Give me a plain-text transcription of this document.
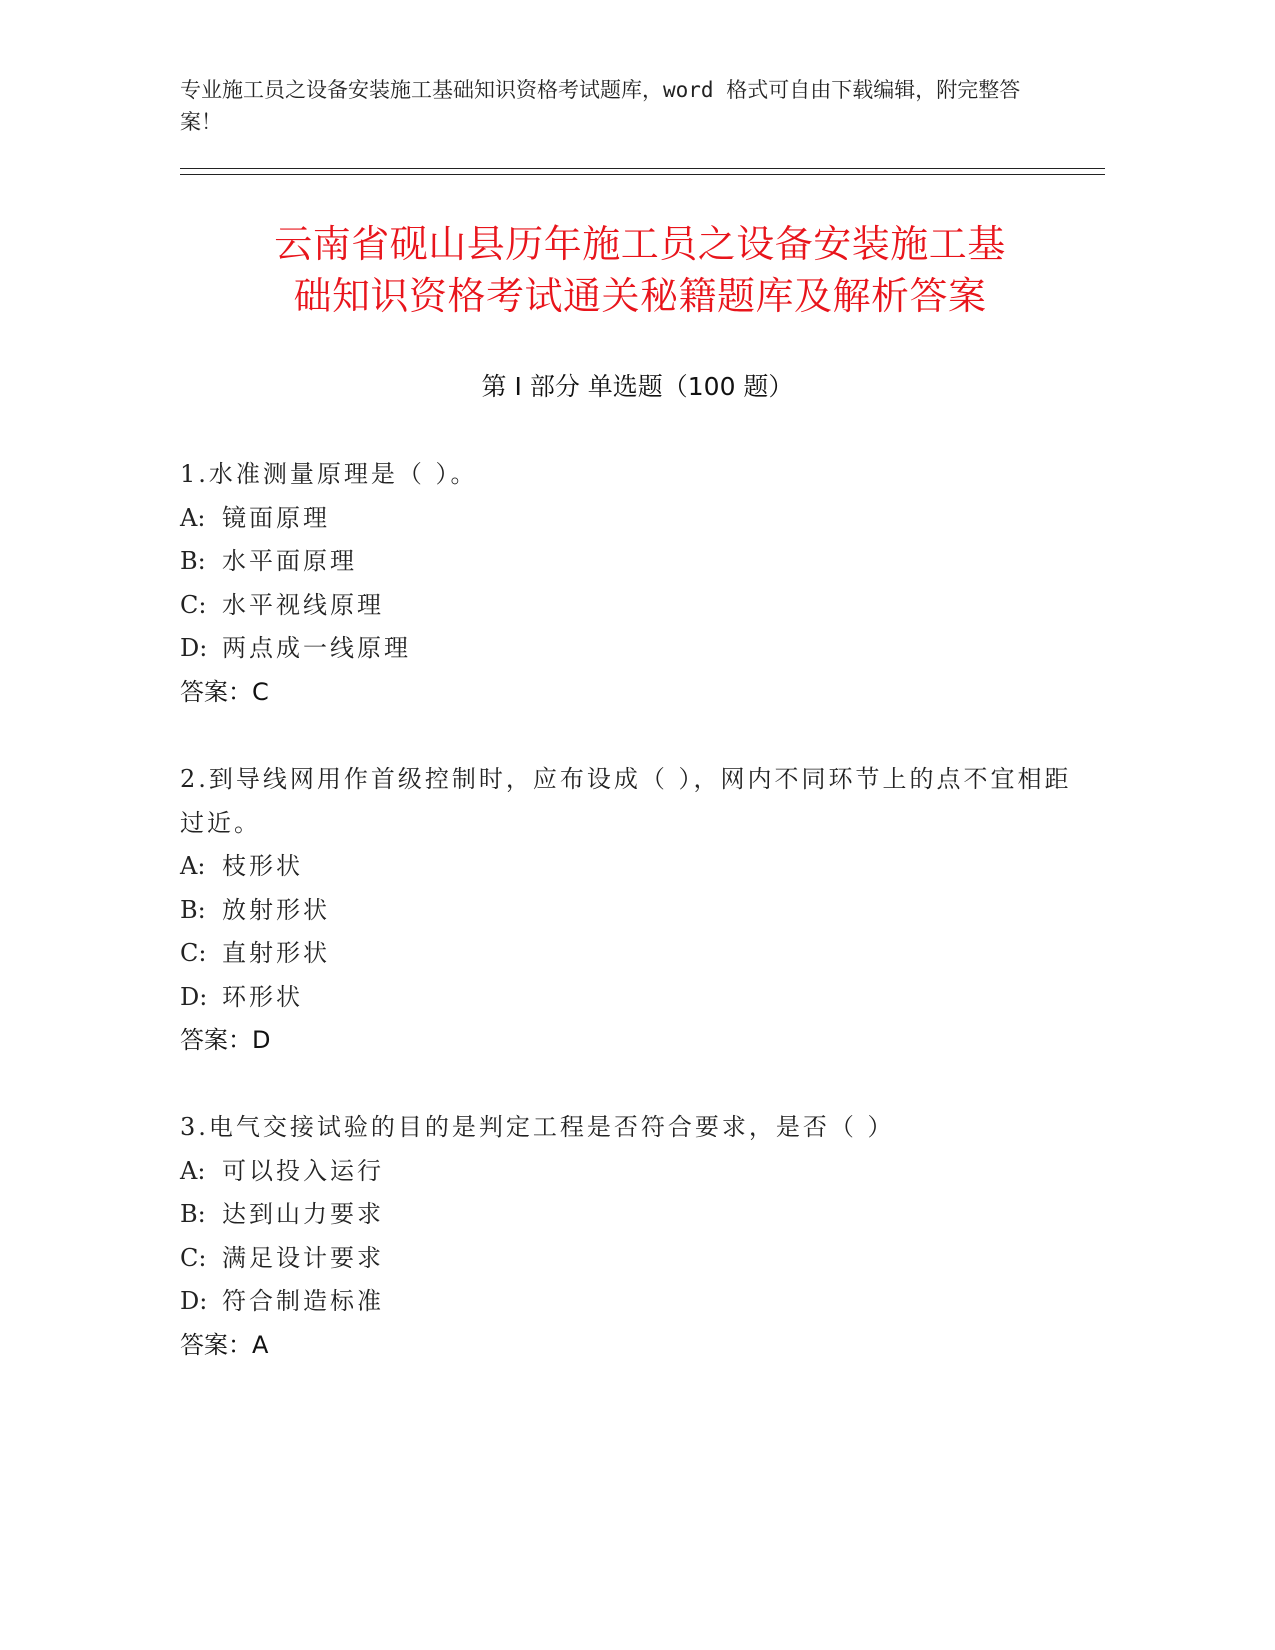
专业施工员之设备安装施工基础知识资格考试题库，word 格式可自由下载编辑，附完整答案！
云南省砚山县历年施工员之设备安装施工基
础知识资格考试通关秘籍题库及解析答案
第 I 部分 单选题（100 题）
1.水准测量原理是（ ）。
A: 镜面原理
B: 水平面原理
C: 水平视线原理
D: 两点成一线原理
答案：C
2.到导线网用作首级控制时，应布设成（ ），网内不同环节上的点不宜相距过近。
A: 枝形状
B: 放射形状
C: 直射形状
D: 环形状
答案：D
3.电气交接试验的目的是判定工程是否符合要求，是否（ ）
A: 可以投入运行
B: 达到山力要求
C: 满足设计要求
D: 符合制造标准
答案：A
